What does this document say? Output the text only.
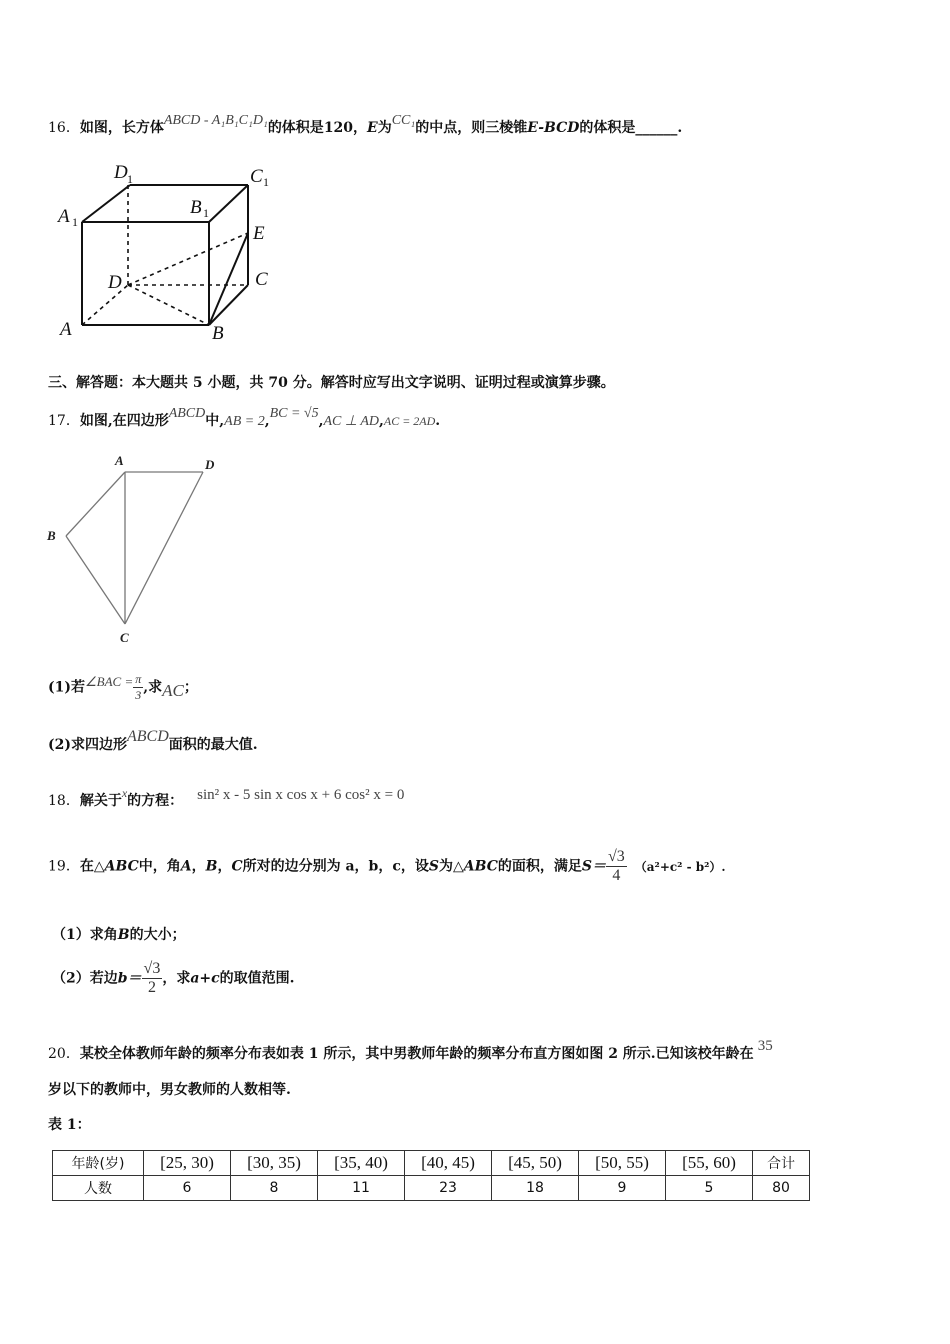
16．如图，长方体ABCD - A₁B₁C₁D₁的体积是120，E为CC₁的中点，则三棱锥E-BCD的体积是______.
D 1	C 1
A 1
B 1
E
D	C
A	B
三、解答题：本大题共 5 小题，共 70 分。解答时应写出文字说明、证明过程或演算步骤。
17．如图,在四边形ABCD中,AB = 2,BC = √5,AC ⊥ AD,AC = 2AD.
A	D
B
C
(1)若∠BAC = $\frac{\pi}{3}$ ,求AC；
(2)求四边形ABCD面积的最大值.
18．解关于x的方程： sin² x - 5 sin x cos x + 6 cos² x = 0
19．在△ABC中，角A，B，C所对的边分别为 a，b，c，设S为△ABC的面积，满足$S= \frac{√3}{4} (a^2+c^2 - b^2)$.
（1）求角B的大小；
（2）若边$b= \frac{√3}{2}$ ，求a+c的取值范围.
20．某校全体教师年龄的频率分布表如表 1 所示，其中男教师年龄的频率分布直方图如图 2 所示.已知该校年龄在 35
岁以下的教师中，男女教师的人数相等.
表 1：
年龄(岁)	[25, 30)	[30, 35)	[35, 40)	[40, 45)	[45, 50)	[50, 55)	[55, 60)	合计
人数	6	8	11	23	18	9	5	80
